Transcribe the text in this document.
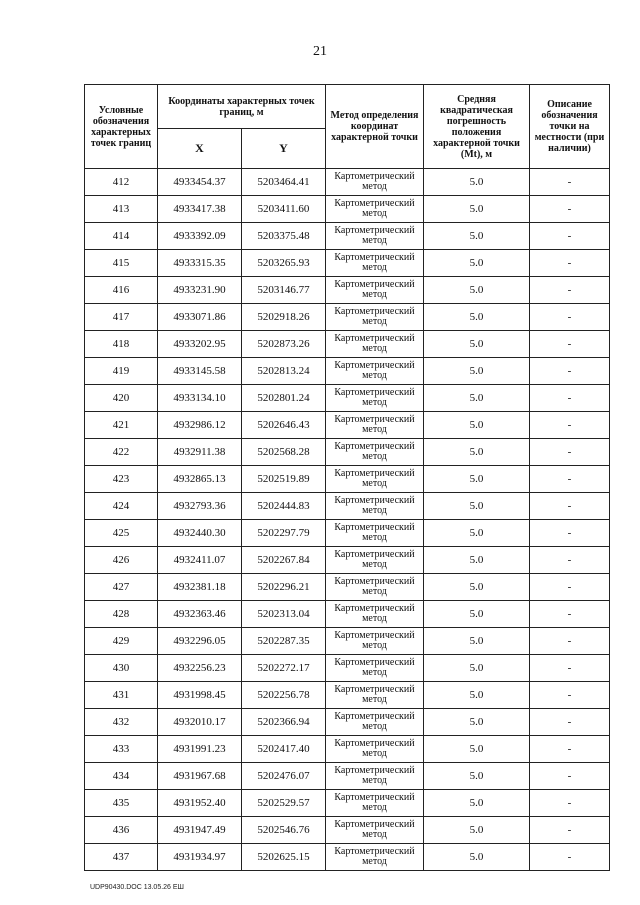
21
Условные обозначения характерных точек границ	Координаты характерных точек границ, м		Метод определения координат характерной точки	Средняя квадратическая погрешность положения характерной точки (Mt), м	Описание обозначения точки на местности (при наличии)
	X	Y			
412	4933454.37	5203464.41	Картометрический метод	5.0	-
413	4933417.38	5203411.60	Картометрический метод	5.0	-
414	4933392.09	5203375.48	Картометрический метод	5.0	-
415	4933315.35	5203265.93	Картометрический метод	5.0	-
416	4933231.90	5203146.77	Картометрический метод	5.0	-
417	4933071.86	5202918.26	Картометрический метод	5.0	-
418	4933202.95	5202873.26	Картометрический метод	5.0	-
419	4933145.58	5202813.24	Картометрический метод	5.0	-
420	4933134.10	5202801.24	Картометрический метод	5.0	-
421	4932986.12	5202646.43	Картометрический метод	5.0	-
422	4932911.38	5202568.28	Картометрический метод	5.0	-
423	4932865.13	5202519.89	Картометрический метод	5.0	-
424	4932793.36	5202444.83	Картометрический метод	5.0	-
425	4932440.30	5202297.79	Картометрический метод	5.0	-
426	4932411.07	5202267.84	Картометрический метод	5.0	-
427	4932381.18	5202296.21	Картометрический метод	5.0	-
428	4932363.46	5202313.04	Картометрический метод	5.0	-
429	4932296.05	5202287.35	Картометрический метод	5.0	-
430	4932256.23	5202272.17	Картометрический метод	5.0	-
431	4931998.45	5202256.78	Картометрический метод	5.0	-
432	4932010.17	5202366.94	Картометрический метод	5.0	-
433	4931991.23	5202417.40	Картометрический метод	5.0	-
434	4931967.68	5202476.07	Картометрический метод	5.0	-
435	4931952.40	5202529.57	Картометрический метод	5.0	-
436	4931947.49	5202546.76	Картометрический метод	5.0	-
437	4931934.97	5202625.15	Картометрический метод	5.0	-
UDP90430.DOC 13.05.26 EШ
